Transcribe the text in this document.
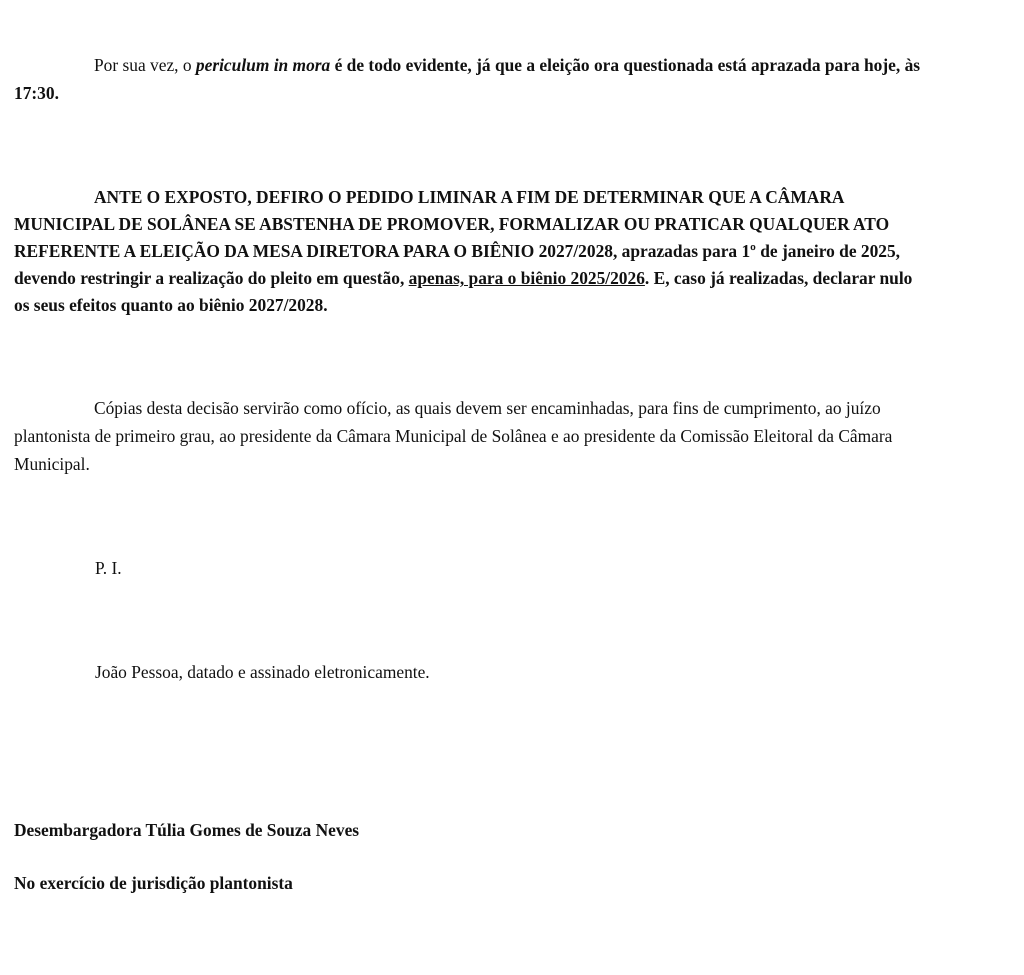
Por sua vez, o periculum in mora é de todo evidente, já que a eleição ora questionada está aprazada para hoje, às

17:30.

ANTE O EXPOSTO, DEFIRO O PEDIDO LIMINAR A FIM DE DETERMINAR QUE A CÂMARA

MUNICIPAL DE SOLÂNEA SE ABSTENHA DE PROMOVER, FORMALIZAR OU PRATICAR QUALQUER ATO

REFERENTE A ELEIÇÃO DA MESA DIRETORA PARA O BIÊNIO 2027/2028, aprazadas para 1º de janeiro de 2025,

devendo restringir a realização do pleito em questão, apenas, para o biênio 2025/2026. E, caso já realizadas, declarar nulo

os seus efeitos quanto ao biênio 2027/2028.

Cópias desta decisão servirão como ofício, as quais devem ser encaminhadas, para fins de cumprimento, ao juízo

plantonista de primeiro grau, ao presidente da Câmara Municipal de Solânea e ao presidente da Comissão Eleitoral da Câmara

Municipal.

P. I.

João Pessoa, datado e assinado eletronicamente.

Desembargadora Túlia Gomes de Souza Neves

No exercício de jurisdição plantonista
